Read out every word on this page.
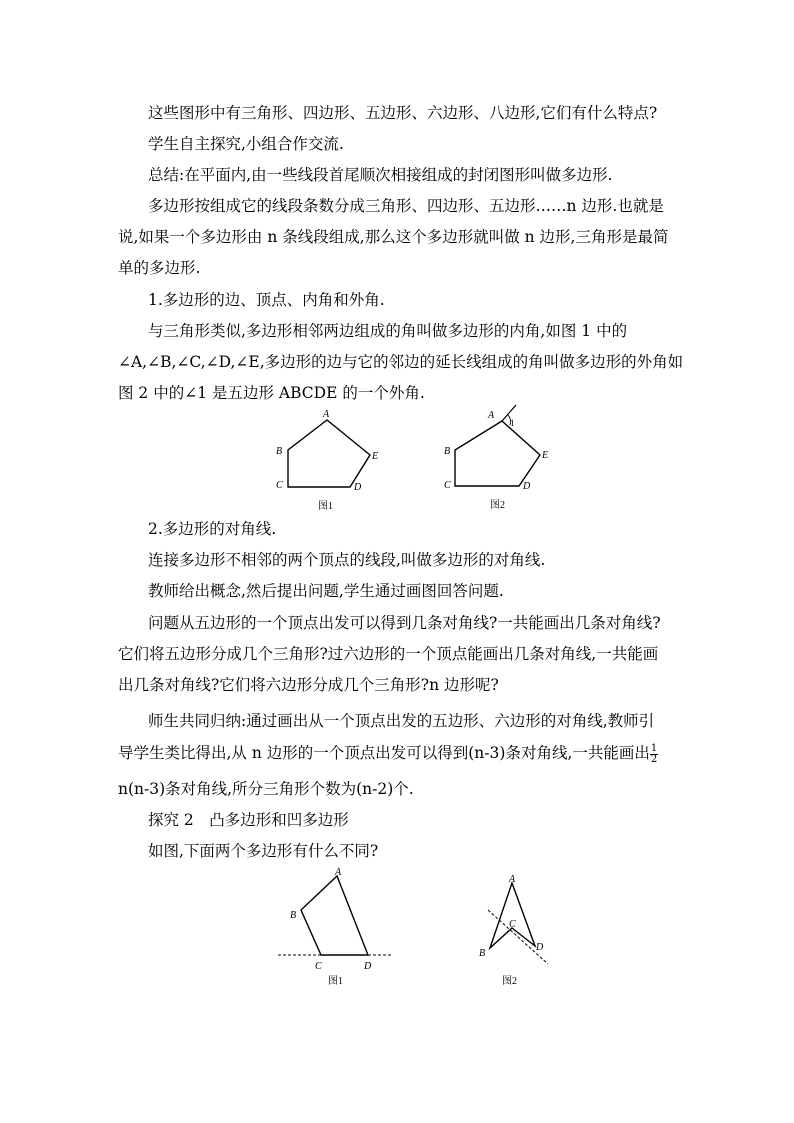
这些图形中有三角形、四边形、五边形、六边形、八边形,它们有什么特点?
学生自主探究,小组合作交流.
总结:在平面内,由一些线段首尾顺次相接组成的封闭图形叫做多边形.
多边形按组成它的线段条数分成三角形、四边形、五边形……n 边形.也就是
说,如果一个多边形由 n 条线段组成,那么这个多边形就叫做 n 边形,三角形是最简
单的多边形.
1.多边形的边、顶点、内角和外角.
与三角形类似,多边形相邻两边组成的角叫做多边形的内角,如图 1 中的
∠A,∠B,∠C,∠D,∠E,多边形的边与它的邻边的延长线组成的角叫做多边形的外角如
图 2 中的∠1 是五边形 ABCDE 的一个外角.
A
B
C	D
E
图1
A
1
B
C	D
E
图2
2.多边形的对角线.
连接多边形不相邻的两个顶点的线段,叫做多边形的对角线.
教师给出概念,然后提出问题,学生通过画图回答问题.
问题从五边形的一个顶点出发可以得到几条对角线?一共能画出几条对角线?
它们将五边形分成几个三角形?过六边形的一个顶点能画出几条对角线,一共能画
出几条对角线?它们将六边形分成几个三角形?n 边形呢?
师生共同归纳:通过画出从一个顶点出发的五边形、六边形的对角线,教师引
导学生类比得出,从 n 边形的一个顶点出发可以得到(n-3)条对角线,一共能画出 $\frac{1}{2}$
n(n-3)条对角线,所分三角形个数为(n-2)个.
探究 2　凸多边形和凹多边形
如图,下面两个多边形有什么不同?
A
B
C	D
图1
A
B
C
D
图2
